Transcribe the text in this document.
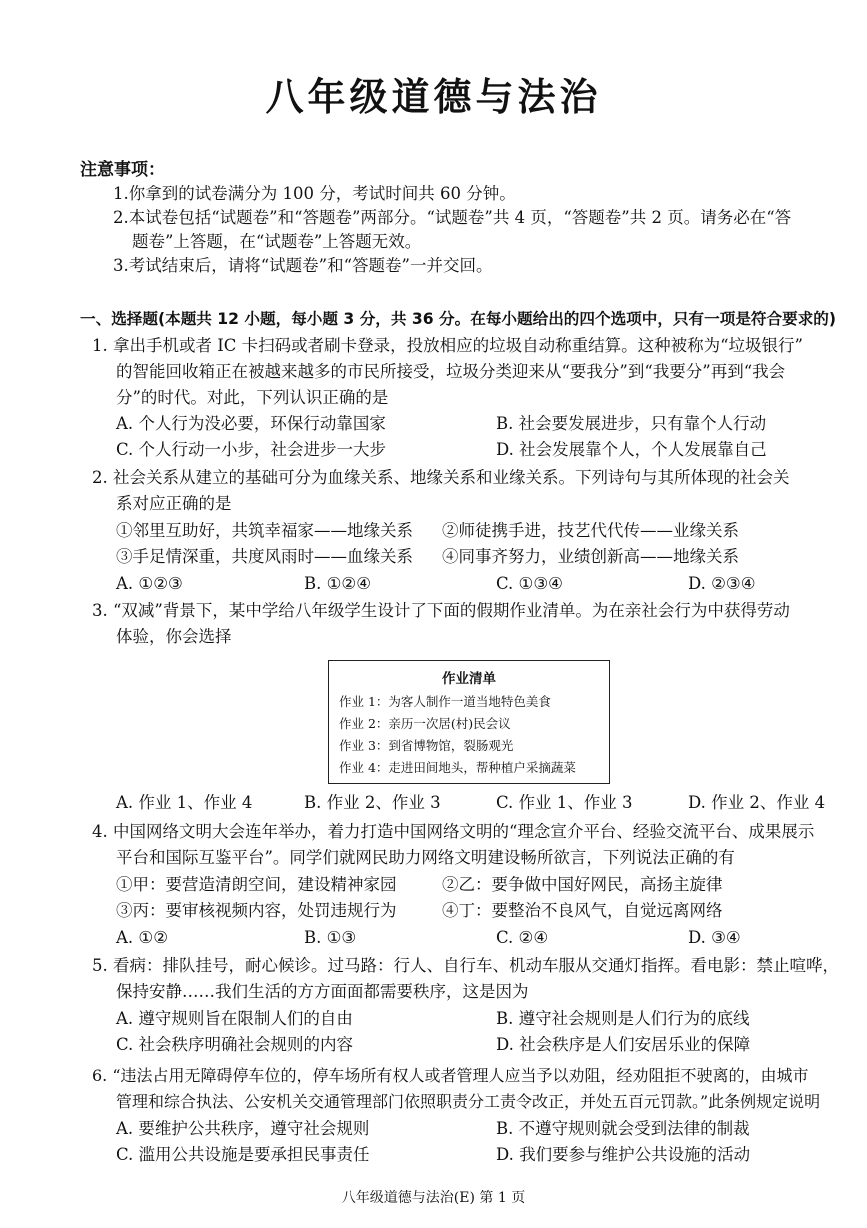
八年级道德与法治
注意事项：
1.你拿到的试卷满分为 100 分，考试时间共 60 分钟。
2.本试卷包括“试题卷”和“答题卷”两部分。“试题卷”共 4 页，“答题卷”共 2 页。请务必在“答
题卷”上答题，在“试题卷”上答题无效。
3.考试结束后，请将“试题卷”和“答题卷”一并交回。
一、选择题(本题共 12 小题，每小题 3 分，共 36 分。在每小题给出的四个选项中，只有一项是符合要求的)
1. 拿出手机或者 IC 卡扫码或者刷卡登录，投放相应的垃圾自动称重结算。这种被称为“垃圾银行”
的智能回收箱正在被越来越多的市民所接受，垃圾分类迎来从“要我分”到“我要分”再到“我会
分”的时代。对此，下列认识正确的是
A. 个人行为没必要，环保行动靠国家	B. 社会要发展进步，只有靠个人行动
C. 个人行动一小步，社会进步一大步	D. 社会发展靠个人，个人发展靠自己
2. 社会关系从建立的基础可分为血缘关系、地缘关系和业缘关系。下列诗句与其所体现的社会关
系对应正确的是
①邻里互助好，共筑幸福家——地缘关系 ②师徒携手进，技艺代代传——业缘关系
③手足情深重，共度风雨时——血缘关系 ④同事齐努力，业绩创新高——地缘关系
A. ①②③	B. ①②④	C. ①③④	D. ②③④
3. “双减”背景下，某中学给八年级学生设计了下面的假期作业清单。为在亲社会行为中获得劳动
体验，你会选择
作业清单
作业 1：为客人制作一道当地特色美食
作业 2：亲历一次居(村)民会议
作业 3：到省博物馆，裂肠观光
作业 4：走进田间地头，帮种植户采摘蔬菜
A. 作业 1、作业 4	B. 作业 2、作业 3	C. 作业 1、作业 3	D. 作业 2、作业 4
4. 中国网络文明大会连年举办，着力打造中国网络文明的“理念宣介平台、经验交流平台、成果展示
平台和国际互鉴平台”。同学们就网民助力网络文明建设畅所欲言，下列说法正确的有
①甲：要营造清朗空间，建设精神家园	②乙：要争做中国好网民，高扬主旋律
③丙：要审核视频内容，处罚违规行为	④丁：要整治不良风气，自觉远离网络
A. ①②	B. ①③	C. ②④	D. ③④
5. 看病：排队挂号，耐心候诊。过马路：行人、自行车、机动车服从交通灯指挥。看电影：禁止喧哗，
保持安静……我们生活的方方面面都需要秩序，这是因为
A. 遵守规则旨在限制人们的自由	B. 遵守社会规则是人们行为的底线
C. 社会秩序明确社会规则的内容	D. 社会秩序是人们安居乐业的保障
6. “违法占用无障碍停车位的，停车场所有权人或者管理人应当予以劝阻，经劝阻拒不驶离的，由城市
管理和综合执法、公安机关交通管理部门依照职责分工责令改正，并处五百元罚款。”此条例规定说明
A. 要维护公共秩序，遵守社会规则	B. 不遵守规则就会受到法律的制裁
C. 滥用公共设施是要承担民事责任	D. 我们要参与维护公共设施的活动
八年级道德与法治(E) 第 1 页
